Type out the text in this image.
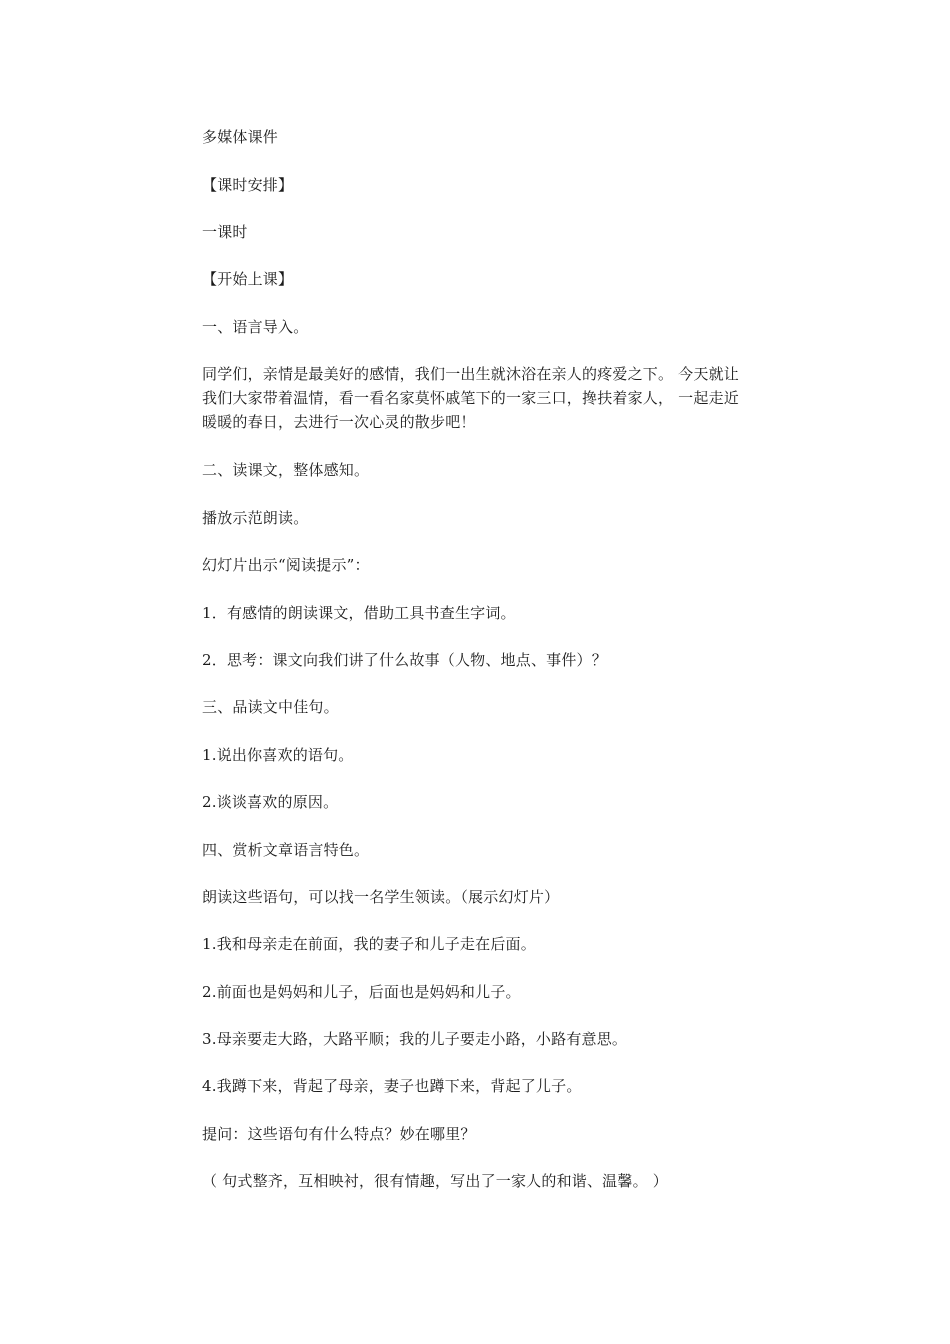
多媒体课件
【课时安排】
一课时
【开始上课】
一、语言导入。
同学们，亲情是最美好的感情，我们一出生就沐浴在亲人的疼爱之下。 今天就让
我们大家带着温情，看一看名家莫怀戚笔下的一家三口，搀扶着家人， 一起走近
暖暖的春日，去进行一次心灵的散步吧！
二、读课文，整体感知。
播放示范朗读。
幻灯片出示“阅读提示”：
1．有感情的朗读课文，借助工具书查生字词。
2．思考：课文向我们讲了什么故事（人物、地点、事件）？
三、品读文中佳句。
1.说出你喜欢的语句。
2.谈谈喜欢的原因。
四、赏析文章语言特色。
朗读这些语句，可以找一名学生领读。（展示幻灯片）
1.我和母亲走在前面，我的妻子和儿子走在后面。
2.前面也是妈妈和儿子，后面也是妈妈和儿子。
3.母亲要走大路，大路平顺；我的儿子要走小路，小路有意思。
4.我蹲下来，背起了母亲，妻子也蹲下来，背起了儿子。
提问：这些语句有什么特点？妙在哪里？
（ 句式整齐，互相映衬，很有情趣，写出了一家人的和谐、温馨。 ）
